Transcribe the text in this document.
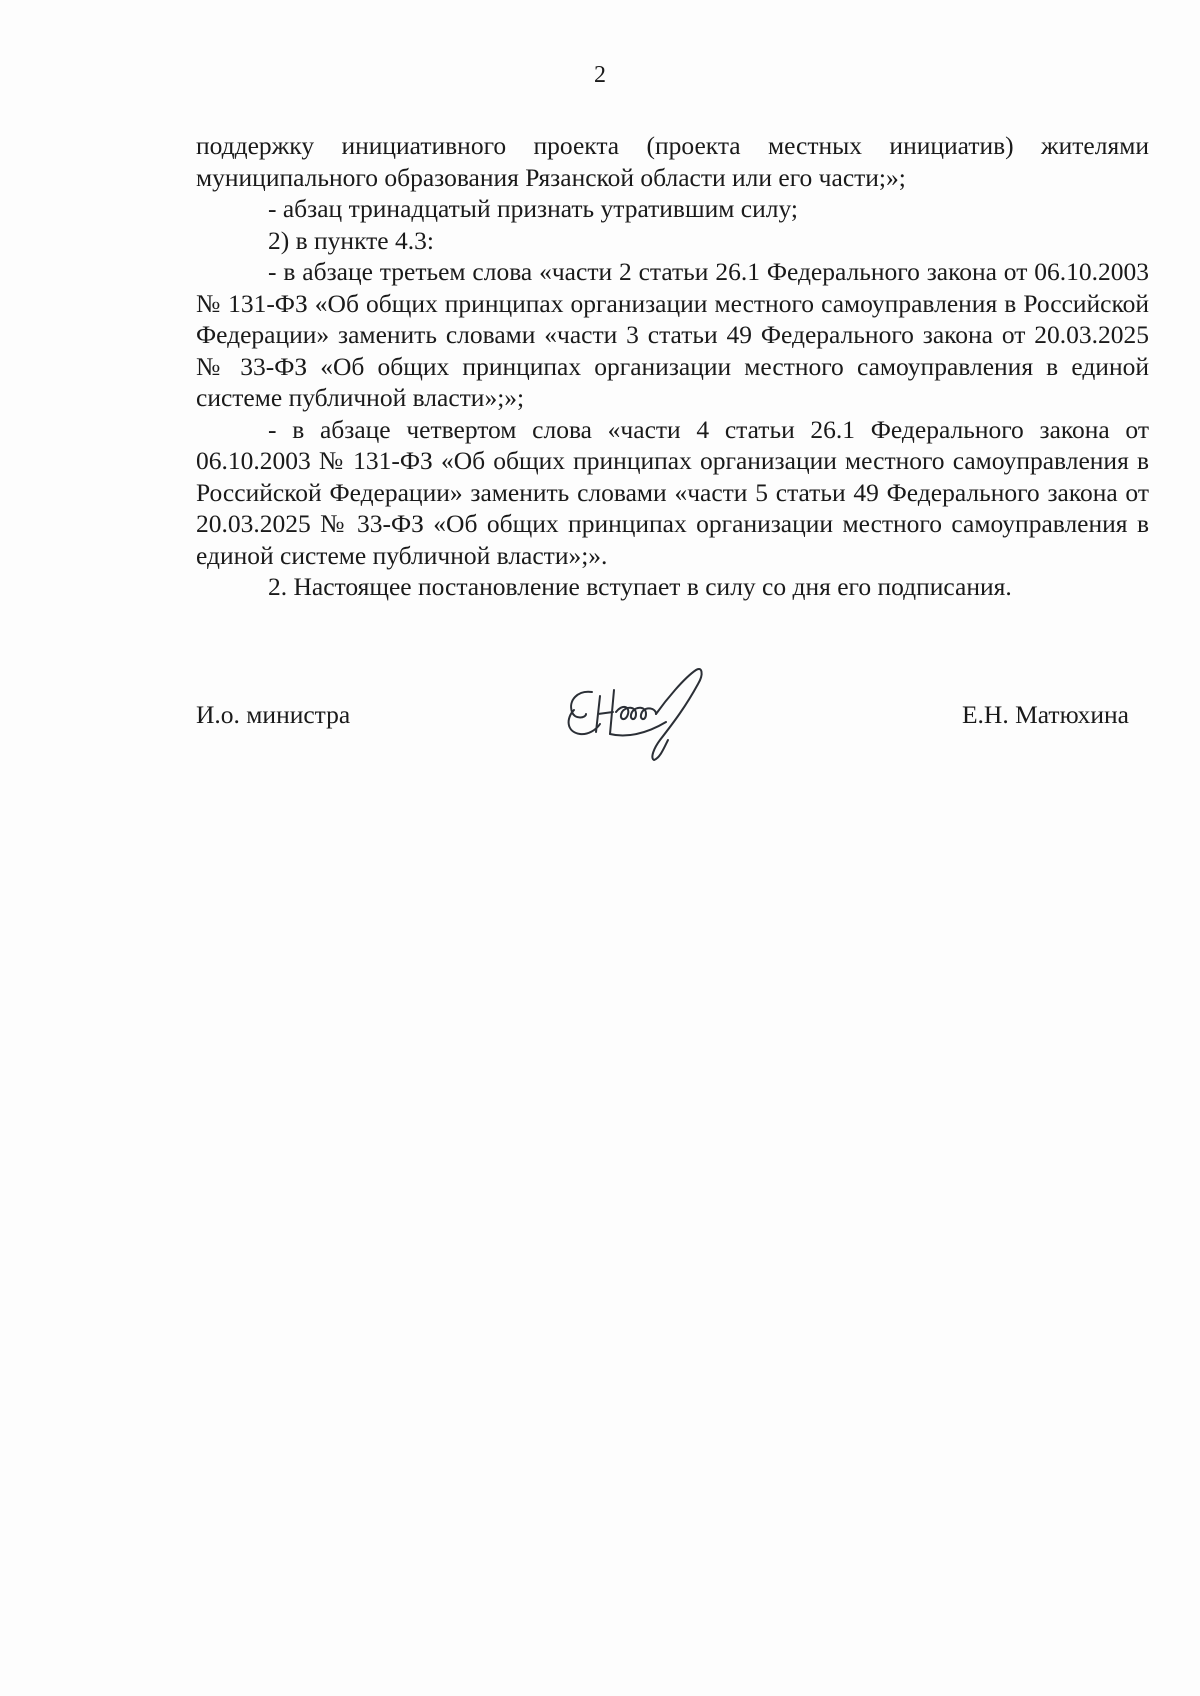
2

поддержку инициативного проекта (проекта местных инициатив) жителями муниципального образования Рязанской области или его части;»;

- абзац тринадцатый признать утратившим силу;

2) в пункте 4.3:

- в абзаце третьем слова «части 2 статьи 26.1 Федерального закона от 06.10.2003 № 131-ФЗ «Об общих принципах организации местного самоуправления в Российской Федерации» заменить словами «части 3 статьи 49 Федерального закона от 20.03.2025 № 33-ФЗ «Об общих принципах организации местного самоуправления в единой системе публичной власти»;»;

- в абзаце четвертом слова «части 4 статьи 26.1 Федерального закона от 06.10.2003 № 131-ФЗ «Об общих принципах организации местного самоуправления в Российской Федерации» заменить словами «части 5 статьи 49 Федерального закона от 20.03.2025 № 33-ФЗ «Об общих принципах организации местного самоуправления в единой системе публичной власти»;».

2. Настоящее постановление вступает в силу со дня его подписания.

И.о. министра	Е.Н. Матюхина
